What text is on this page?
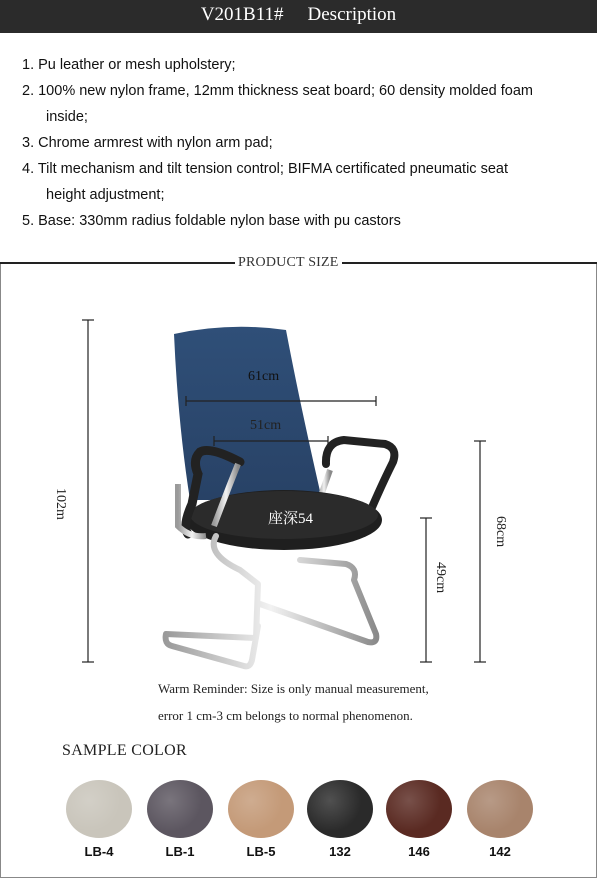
V201B11# Description
1. Pu leather or mesh upholstery;
2. 100% new nylon frame, 12mm thickness seat board; 60 density molded foam
inside;
3. Chrome armrest with nylon arm pad;
4. Tilt mechanism and tilt tension control; BIFMA certificated pneumatic seat
height adjustment;
5. Base: 330mm radius foldable nylon base with pu castors
PRODUCT SIZE
61cm
51cm
座深54
102m
68cm
49cm
Warm Reminder: Size is only manual measurement,
error 1 cm-3 cm belongs to normal phenomenon.
SAMPLE COLOR
LB-4	LB-1	LB-5	132	146	142
